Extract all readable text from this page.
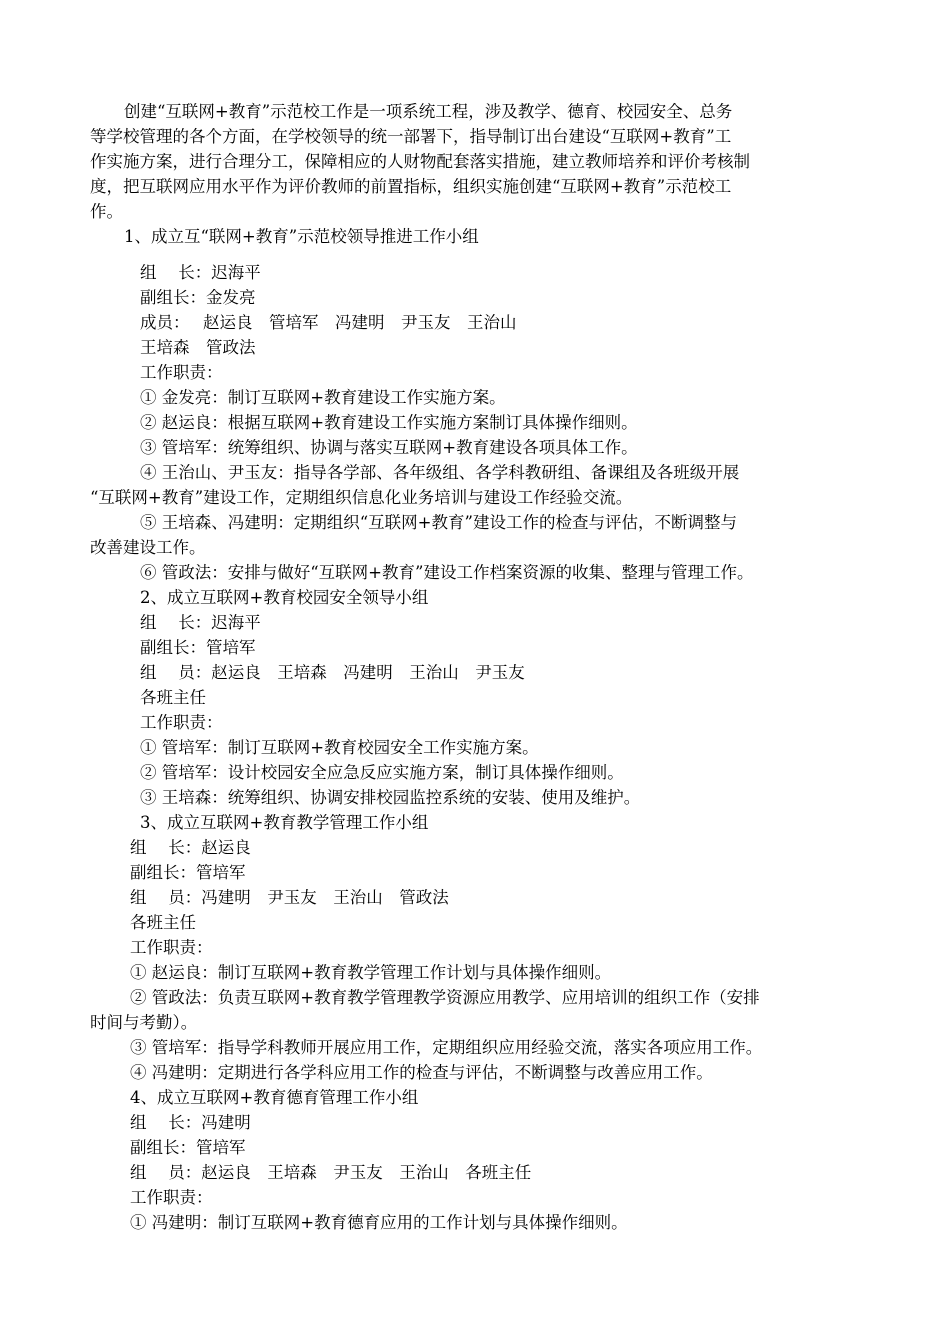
创建“互联网+教育”示范校工作是一项系统工程，涉及教学、德育、校园安全、总务
等学校管理的各个方面，在学校领导的统一部署下，指导制订出台建设“互联网+教育”工
作实施方案，进行合理分工，保障相应的人财物配套落实措施，建立教师培养和评价考核制
度，把互联网应用水平作为评价教师的前置指标，组织实施创建“互联网+教育”示范校工
作。
1、成立互“联网+教育”示范校领导推进工作小组
组　 长：迟海平
副组长：金发亮
成员：　 赵运良　管培军　冯建明　尹玉友　王治山
王培森　管政法
工作职责：
① 金发亮：制订互联网+教育建设工作实施方案。
② 赵运良：根据互联网+教育建设工作实施方案制订具体操作细则。
③ 管培军：统筹组织、协调与落实互联网+教育建设各项具体工作。
④ 王治山、尹玉友：指导各学部、各年级组、各学科教研组、备课组及各班级开展
“互联网+教育”建设工作，定期组织信息化业务培训与建设工作经验交流。
⑤ 王培森、冯建明：定期组织“互联网+教育”建设工作的检查与评估，不断调整与
改善建设工作。
⑥ 管政法：安排与做好“互联网+教育”建设工作档案资源的收集、整理与管理工作。
2、成立互联网+教育校园安全领导小组
组　 长：迟海平
副组长：管培军
组　 员：赵运良　王培森　冯建明　王治山　尹玉友
各班主任
工作职责：
① 管培军：制订互联网+教育校园安全工作实施方案。
② 管培军：设计校园安全应急反应实施方案，制订具体操作细则。
③ 王培森：统筹组织、协调安排校园监控系统的安装、使用及维护。
3、成立互联网+教育教学管理工作小组
组　 长：赵运良
副组长：管培军
组　 员：冯建明　尹玉友　王治山　管政法
各班主任
工作职责：
① 赵运良：制订互联网+教育教学管理工作计划与具体操作细则。
② 管政法：负责互联网+教育教学管理教学资源应用教学、应用培训的组织工作（安排
时间与考勤）。
③ 管培军：指导学科教师开展应用工作，定期组织应用经验交流，落实各项应用工作。
④ 冯建明：定期进行各学科应用工作的检查与评估，不断调整与改善应用工作。
4、成立互联网+教育德育管理工作小组
组　 长：冯建明
副组长：管培军
组　 员：赵运良　王培森　尹玉友　王治山　各班主任
工作职责：
① 冯建明：制订互联网+教育德育应用的工作计划与具体操作细则。
